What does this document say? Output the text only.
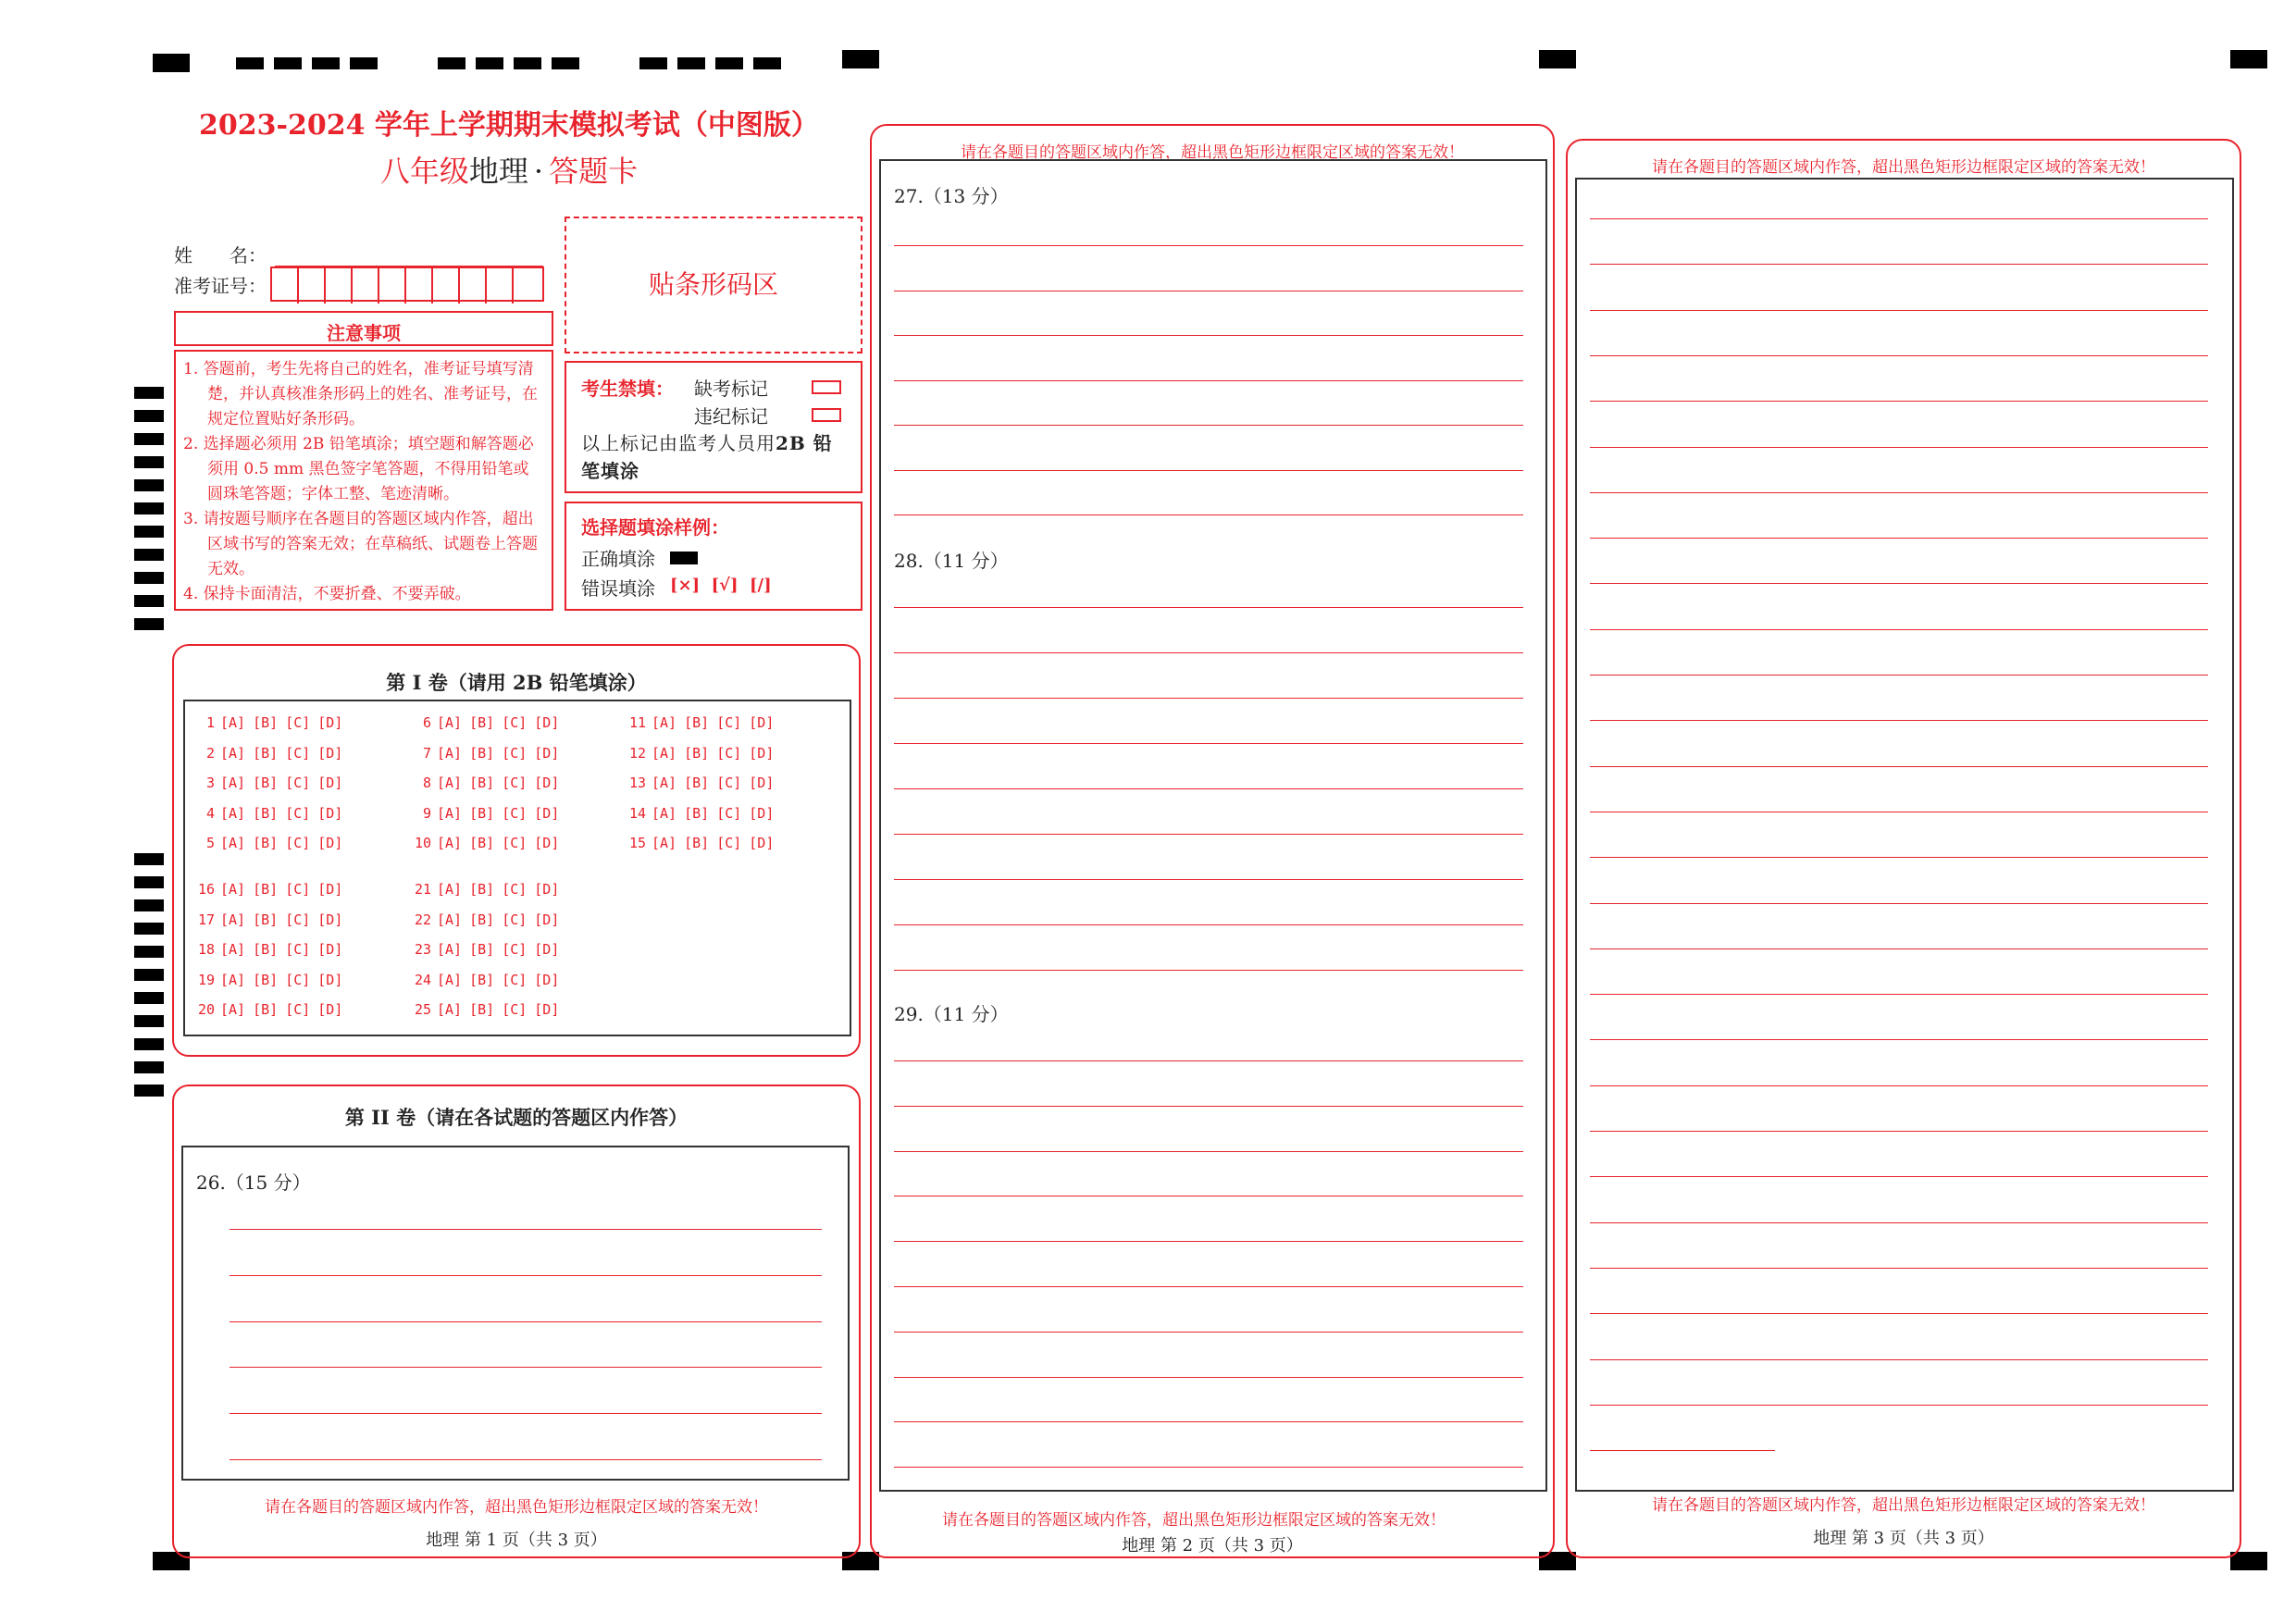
2023-2024 学年上学期期末模拟考试（中图版）
八年级地理 · 答题卡
姓　　名：
准考证号：	贴条形码区
注意事项
1. 答题前，考生先将自己的姓名，准考证号填写清楚，并认真核准条形码上的姓名、准考证号，在规定位置贴好条形码。
2. 选择题必须用 2B 铅笔填涂；填空题和解答题必须用 0.5 mm 黑色签字笔答题，不得用铅笔或圆珠笔答题；字体工整、笔迹清晰。
3. 请按题号顺序在各题目的答题区域内作答，超出区域书写的答案无效；在草稿纸、试题卷上答题无效。
4. 保持卡面清洁，不要折叠、不要弄破。
考生禁填： 缺考标记
违纪标记
以上标记由监考人员用2B 铅
笔填涂
选择题填涂样例：
正确填涂
错误填涂 [×]  [√]  [/]
第 I 卷（请用 2B 铅笔填涂）
1 [A] [B] [C] [D]
2 [A] [B] [C] [D]
3 [A] [B] [C] [D]
4 [A] [B] [C] [D]
5 [A] [B] [C] [D]
6 [A] [B] [C] [D]
7 [A] [B] [C] [D]
8 [A] [B] [C] [D]
9 [A] [B] [C] [D]
10 [A] [B] [C] [D]
11 [A] [B] [C] [D]
12 [A] [B] [C] [D]
13 [A] [B] [C] [D]
14 [A] [B] [C] [D]
15 [A] [B] [C] [D]
16 [A] [B] [C] [D]
17 [A] [B] [C] [D]
18 [A] [B] [C] [D]
19 [A] [B] [C] [D]
20 [A] [B] [C] [D]
21 [A] [B] [C] [D]
22 [A] [B] [C] [D]
23 [A] [B] [C] [D]
24 [A] [B] [C] [D]
25 [A] [B] [C] [D]
第 II 卷（请在各试题的答题区内作答）
26.（15 分）
请在各题目的答题区域内作答，超出黑色矩形边框限定区域的答案无效！
地理 第 1 页（共 3 页）
请在各题目的答题区域内作答，超出黑色矩形边框限定区域的答案无效！
27.（13 分）
28.（11 分）
29.（11 分）
请在各题目的答题区域内作答，超出黑色矩形边框限定区域的答案无效！
地理 第 2 页（共 3 页）
请在各题目的答题区域内作答，超出黑色矩形边框限定区域的答案无效！
请在各题目的答题区域内作答，超出黑色矩形边框限定区域的答案无效！
地理 第 3 页（共 3 页）
